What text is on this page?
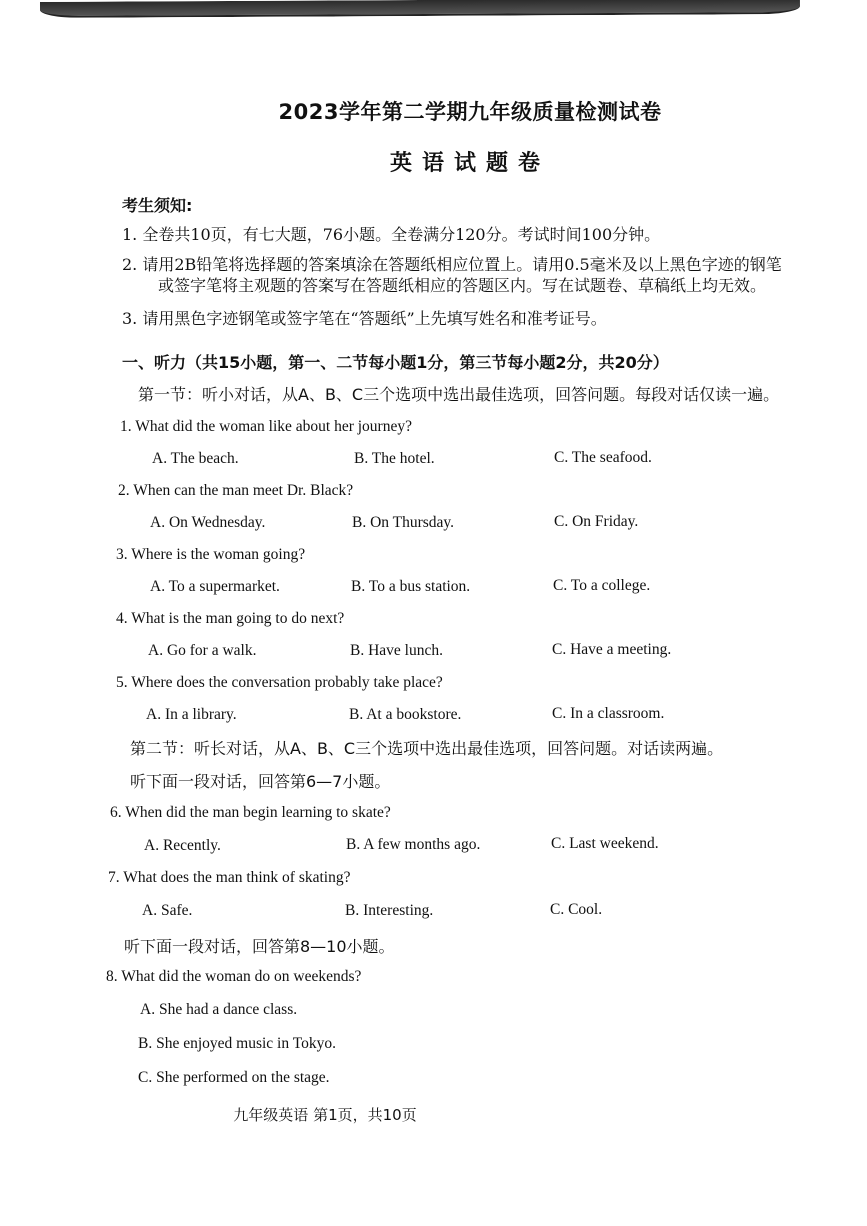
2023学年第二学期九年级质量检测试卷
英语试题卷
考生须知:
1. 全卷共10页，有七大题，76小题。全卷满分120分。考试时间100分钟。
2. 请用2B铅笔将选择题的答案填涂在答题纸相应位置上。请用0.5毫米及以上黑色字迹的钢笔
或签字笔将主观题的答案写在答题纸相应的答题区内。写在试题卷、草稿纸上均无效。
3. 请用黑色字迹钢笔或签字笔在“答题纸”上先填写姓名和准考证号。
一、听力（共15小题，第一、二节每小题1分，第三节每小题2分，共20分）
第一节：听小对话，从A、B、C三个选项中选出最佳选项，回答问题。每段对话仅读一遍。
1. What did the woman like about her journey?
A. The beach.	B. The hotel.	C. The seafood.
2. When can the man meet Dr. Black?
A. On Wednesday.	B. On Thursday.	C. On Friday.
3. Where is the woman going?
A. To a supermarket.	B. To a bus station.	C. To a college.
4. What is the man going to do next?
A. Go for a walk.	B. Have lunch.	C. Have a meeting.
5. Where does the conversation probably take place?
A. In a library.	B. At a bookstore.	C. In a classroom.
第二节：听长对话，从A、B、C三个选项中选出最佳选项，回答问题。对话读两遍。
听下面一段对话，回答第6—7小题。
6. When did the man begin learning to skate?
A. Recently.	B. A few months ago.	C. Last weekend.
7. What does the man think of skating?
A. Safe.	B. Interesting.	C. Cool.
听下面一段对话，回答第8—10小题。
8. What did the woman do on weekends?
A. She had a dance class.
B. She enjoyed music in Tokyo.
C. She performed on the stage.
九年级英语 第1页，共10页
